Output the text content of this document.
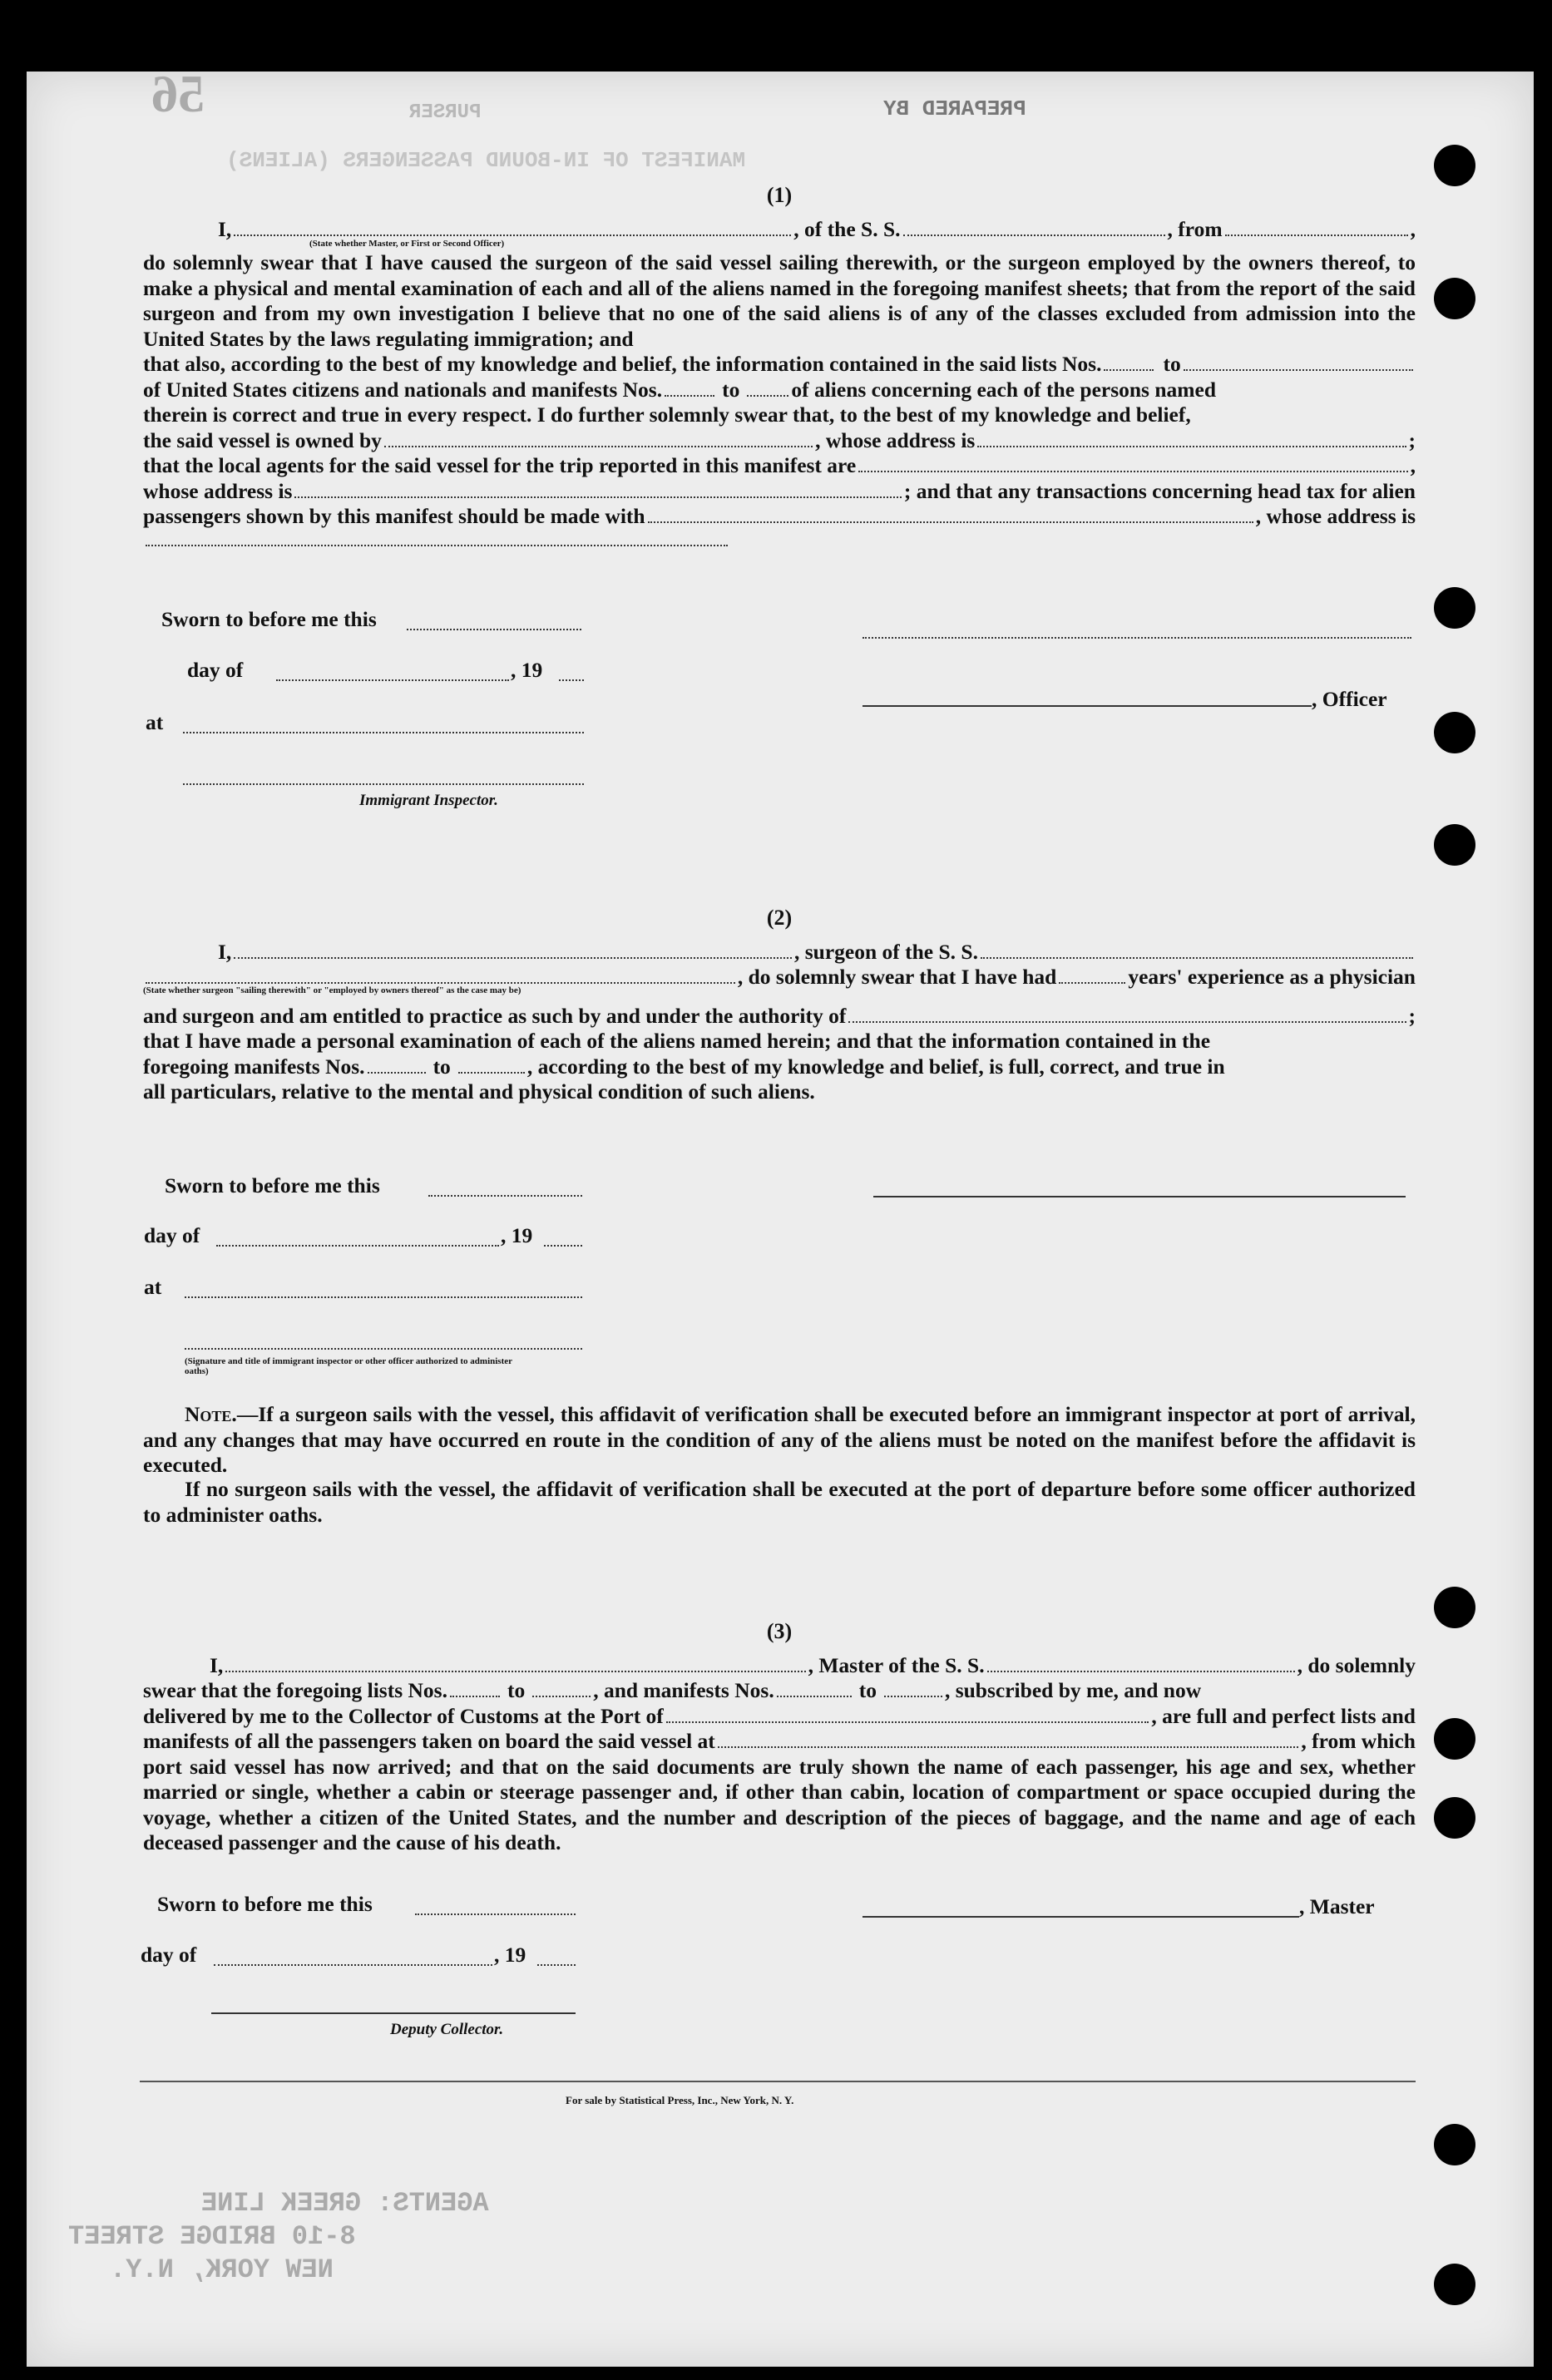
56	PURSER	PREPARED BY
MANIFEST OF IN-BOUND PASSENGERS (ALIENS)
AGENTS: GREEK LINE
8-10 BRIDGE STREET
NEW YORK, N.Y.
(1)
I,	, of the S. S.	, from	,
(State whether Master, or First or Second Officer)
do solemnly swear that I have caused the surgeon of the said vessel sailing therewith, or the surgeon employed by the owners thereof, to make a physical and mental examination of each and all of the aliens named in the foregoing manifest sheets; that from the report of the said surgeon and from my own investigation I believe that no one of the said aliens is of any of the classes excluded from admission into the United States by the laws regulating immigration; and
that also, according to the best of my knowledge and belief, the information contained in the said lists Nos.	to
of United States citizens and nationals and manifests Nos.	to of aliens concerning each of the persons named
therein is correct and true in every respect. I do further solemnly swear that, to the best of my knowledge and belief,
the said vessel is owned by	, whose address is	;
that the local agents for the said vessel for the trip reported in this manifest are	,
whose address is	; and that any transactions concerning head tax for alien
passengers shown by this manifest should be made with	, whose address is
Sworn to before me this
day of	, 19
at
, Officer
Immigrant Inspector.
(2)
I,	, surgeon of the S. S.
, do solemnly swear that I have had	years' experience as a physician
(State whether surgeon "sailing therewith" or "employed by owners thereof" as the case may be)
and surgeon and am entitled to practice as such by and under the authority of	;
that I have made a personal examination of each of the aliens named herein; and that the information contained in the
foregoing manifests Nos.	to	, according to the best of my knowledge and belief, is full, correct, and true in
all particulars, relative to the mental and physical condition of such aliens.
Sworn to before me this
day of	, 19
at
(Signature and title of immigrant inspector or other officer authorized to administer oaths)
Note.—If a surgeon sails with the vessel, this affidavit of verification shall be executed before an immigrant inspector at port of arrival, and any changes that may have occurred en route in the condition of any of the aliens must be noted on the manifest before the affidavit is executed.
If no surgeon sails with the vessel, the affidavit of verification shall be executed at the port of departure before some officer authorized to administer oaths.
(3)
I,	, Master of the S. S.	, do solemnly
swear that the foregoing lists Nos.	to	, and manifests Nos.	to	, subscribed by me, and now
delivered by me to the Collector of Customs at the Port of	, are full and perfect lists and
manifests of all the passengers taken on board the said vessel at	, from which
port said vessel has now arrived; and that on the said documents are truly shown the name of each passenger, his age and sex, whether married or single, whether a cabin or steerage passenger and, if other than cabin, location of compartment or space occupied during the voyage, whether a citizen of the United States, and the number and description of the pieces of baggage, and the name and age of each deceased passenger and the cause of his death.
Sworn to before me this	, Master
day of	, 19
Deputy Collector.
For sale by Statistical Press, Inc., New York, N. Y.
